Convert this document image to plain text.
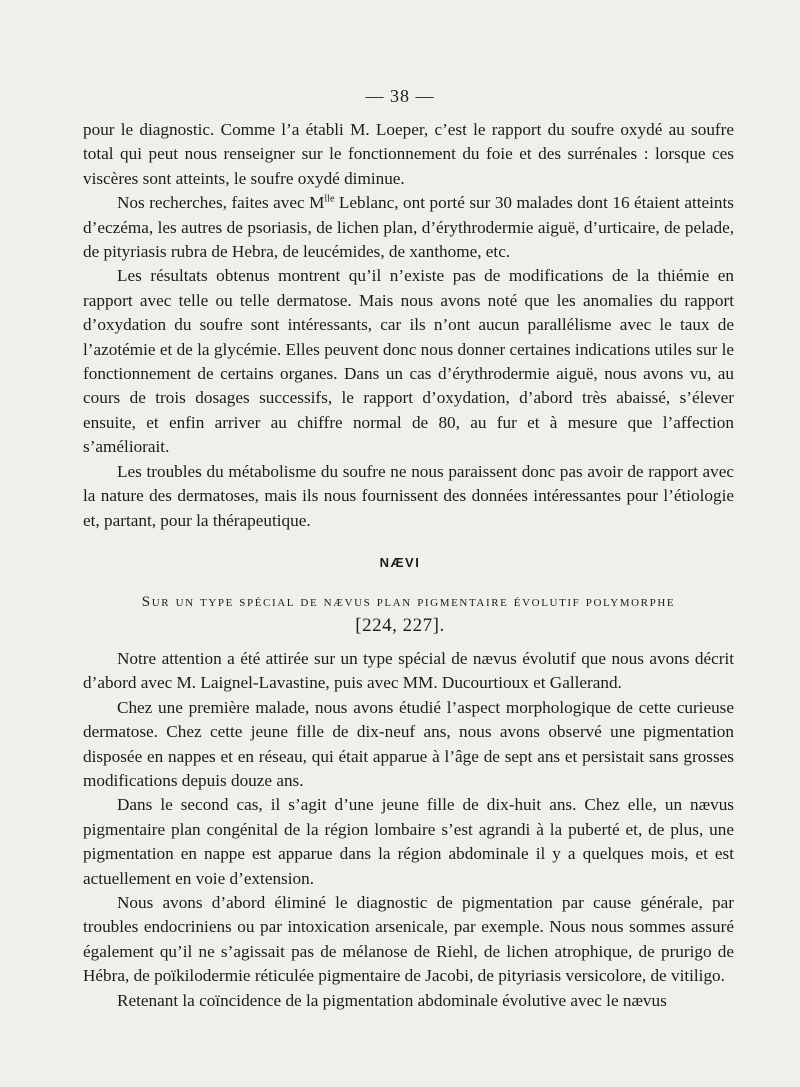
— 38 —

pour le diagnostic. Comme l’a établi M. Loeper, c’est le rapport du soufre oxydé au soufre total qui peut nous renseigner sur le fonctionnement du foie et des surrénales : lorsque ces viscères sont atteints, le soufre oxydé diminue.

Nos recherches, faites avec $M^{lle}$ Leblanc, ont porté sur 30 malades dont 16 étaient atteints d’eczéma, les autres de psoriasis, de lichen plan, d’érythrodermie aiguë, d’urticaire, de pelade, de pityriasis rubra de Hebra, de leucémides, de xanthome, etc.

Les résultats obtenus montrent qu’il n’existe pas de modifications de la thiémie en rapport avec telle ou telle dermatose. Mais nous avons noté que les anomalies du rapport d’oxydation du soufre sont intéressants, car ils n’ont aucun parallélisme avec le taux de l’azotémie et de la glycémie. Elles peuvent donc nous donner certaines indications utiles sur le fonctionnement de certains organes. Dans un cas d’érythrodermie aiguë, nous avons vu, au cours de trois dosages successifs, le rapport d’oxydation, d’abord très abaissé, s’élever ensuite, et enfin arriver au chiffre normal de 80, au fur et à mesure que l’affection s’améliorait.

Les troubles du métabolisme du soufre ne nous paraissent donc pas avoir de rapport avec la nature des dermatoses, mais ils nous fournissent des données intéressantes pour l’étiologie et, partant, pour la thérapeutique.

NÆVI
Sur un type spécial de nævus plan pigmentaire évolutif polymorphe
[224, 227].

Notre attention a été attirée sur un type spécial de nævus évolutif que nous avons décrit d’abord avec M. Laignel-Lavastine, puis avec MM. Ducourtioux et Gallerand.

Chez une première malade, nous avons étudié l’aspect morphologique de cette curieuse dermatose. Chez cette jeune fille de dix-neuf ans, nous avons observé une pigmentation disposée en nappes et en réseau, qui était apparue à l’âge de sept ans et persistait sans grosses modifications depuis douze ans.

Dans le second cas, il s’agit d’une jeune fille de dix-huit ans. Chez elle, un nævus pigmentaire plan congénital de la région lombaire s’est agrandi à la puberté et, de plus, une pigmentation en nappe est apparue dans la région abdominale il y a quelques mois, et est actuellement en voie d’extension.

Nous avons d’abord éliminé le diagnostic de pigmentation par cause générale, par troubles endocriniens ou par intoxication arsenicale, par exemple. Nous nous sommes assuré également qu’il ne s’agissait pas de mélanose de Riehl, de lichen atrophique, de prurigo de Hébra, de poïkilodermie réticulée pigmentaire de Jacobi, de pityriasis versicolore, de vitiligo.

Retenant la coïncidence de la pigmentation abdominale évolutive avec le nævus
